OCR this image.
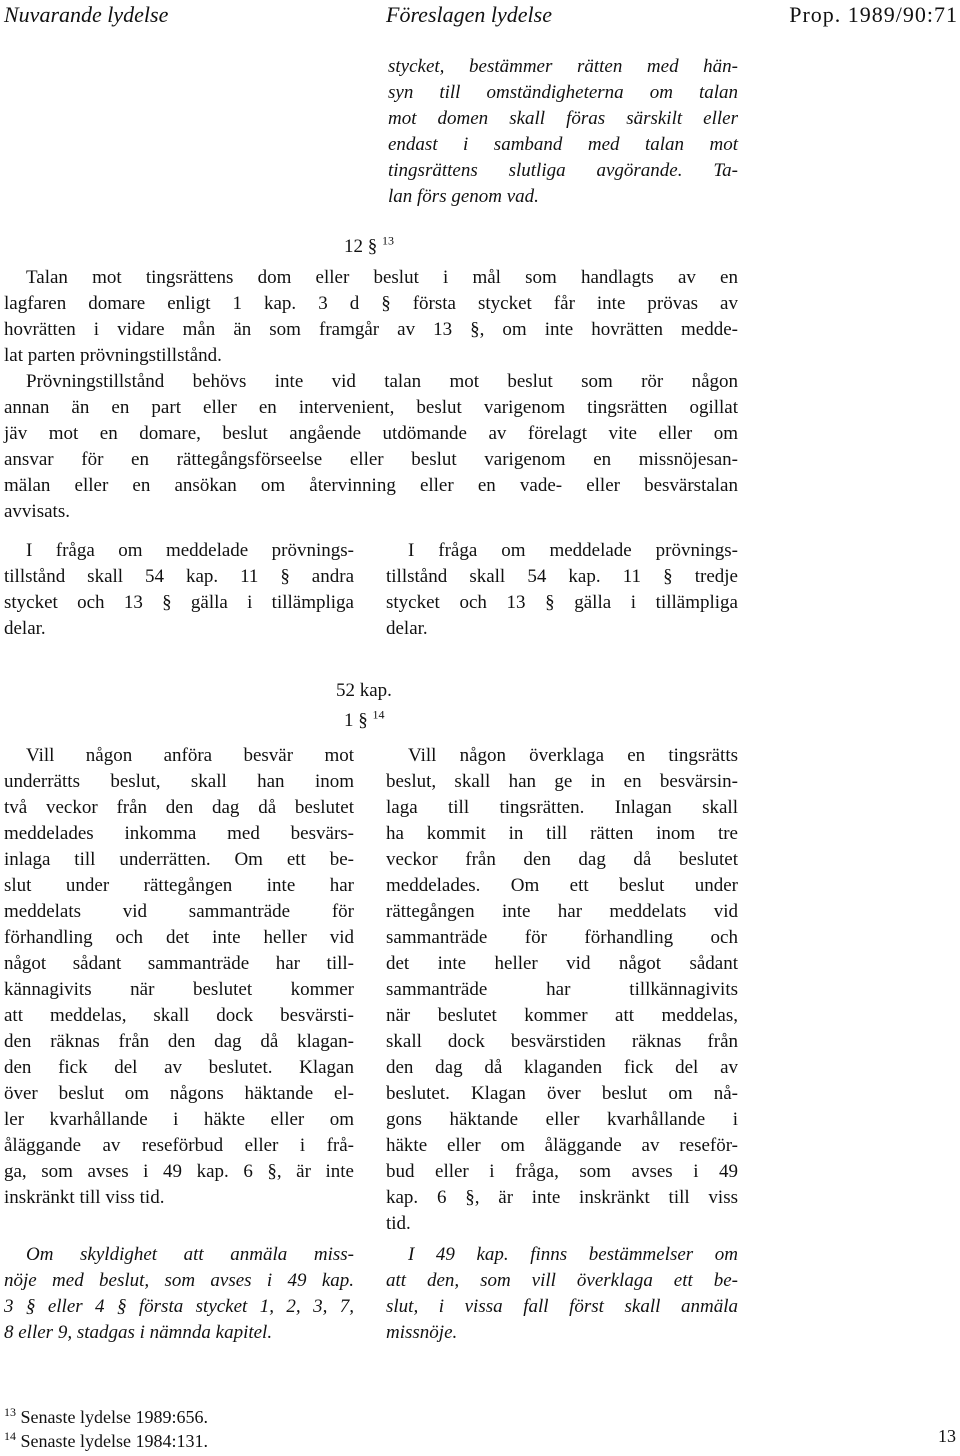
Nuvarande lydelse	Föreslagen lydelse	Prop. 1989/90:71
stycket, bestämmer rätten med hän-
syn till omständigheterna om talan
mot domen skall föras särskilt eller
endast i samband med talan mot
tingsrättens slutliga avgörande. Ta-
lan förs genom vad.
12 § $^{13}$
Talan mot tingsrättens dom eller beslut i mål som handlagts av en
lagfaren domare enligt 1 kap. 3 d § första stycket får inte prövas av
hovrätten i vidare mån än som framgår av 13 §, om inte hovrätten medde-
lat parten prövningstillstånd.
Prövningstillstånd behövs inte vid talan mot beslut som rör någon
annan än en part eller en intervenient, beslut varigenom tingsrätten ogillat
jäv mot en domare, beslut angående utdömande av förelagt vite eller om
ansvar för en rättegångsförseelse eller beslut varigenom en missnöjesan-
mälan eller en ansökan om återvinning eller en vade- eller besvärstalan
avvisats.
I fråga om meddelade prövnings-
tillstånd skall 54 kap. 11 § andra
stycket och 13 § gälla i tillämpliga
delar.
I fråga om meddelade prövnings-
tillstånd skall 54 kap. 11 § tredje
stycket och 13 § gälla i tillämpliga
delar.
52 kap.
1 § $^{14}$
Vill någon anföra besvär mot
underrätts beslut, skall han inom
två veckor från den dag då beslutet
meddelades inkomma med besvärs-
inlaga till underrätten. Om ett be-
slut under rättegången inte har
meddelats vid sammanträde för
förhandling och det inte heller vid
något sådant sammanträde har till-
kännagivits när beslutet kommer
att meddelas, skall dock besvärsti-
den räknas från den dag då klagan-
den fick del av beslutet. Klagan
över beslut om någons häktande el-
ler kvarhållande i häkte eller om
åläggande av reseförbud eller i frå-
ga, som avses i 49 kap. 6 §, är inte
inskränkt till viss tid.
Vill någon överklaga en tingsrätts
beslut, skall han ge in en besvärsin-
laga till tingsrätten. Inlagan skall
ha kommit in till rätten inom tre
veckor från den dag då beslutet
meddelades. Om ett beslut under
rättegången inte har meddelats vid
sammanträde för förhandling och
det inte heller vid något sådant
sammanträde har tillkännagivits
när beslutet kommer att meddelas,
skall dock besvärstiden räknas från
den dag då klaganden fick del av
beslutet. Klagan över beslut om nå-
gons häktande eller kvarhållande i
häkte eller om åläggande av reseför-
bud eller i fråga, som avses i 49
kap. 6 §, är inte inskränkt till viss
tid.
Om skyldighet att anmäla miss-
nöje med beslut, som avses i 49 kap.
3 § eller 4 § första stycket 1, 2, 3, 7,
8 eller 9, stadgas i nämnda kapitel.
I 49 kap. finns bestämmelser om
att den, som vill överklaga ett be-
slut, i vissa fall först skall anmäla
missnöje.
$^{13}$ Senaste lydelse 1989:656.
$^{14}$ Senaste lydelse 1984:131.	13
